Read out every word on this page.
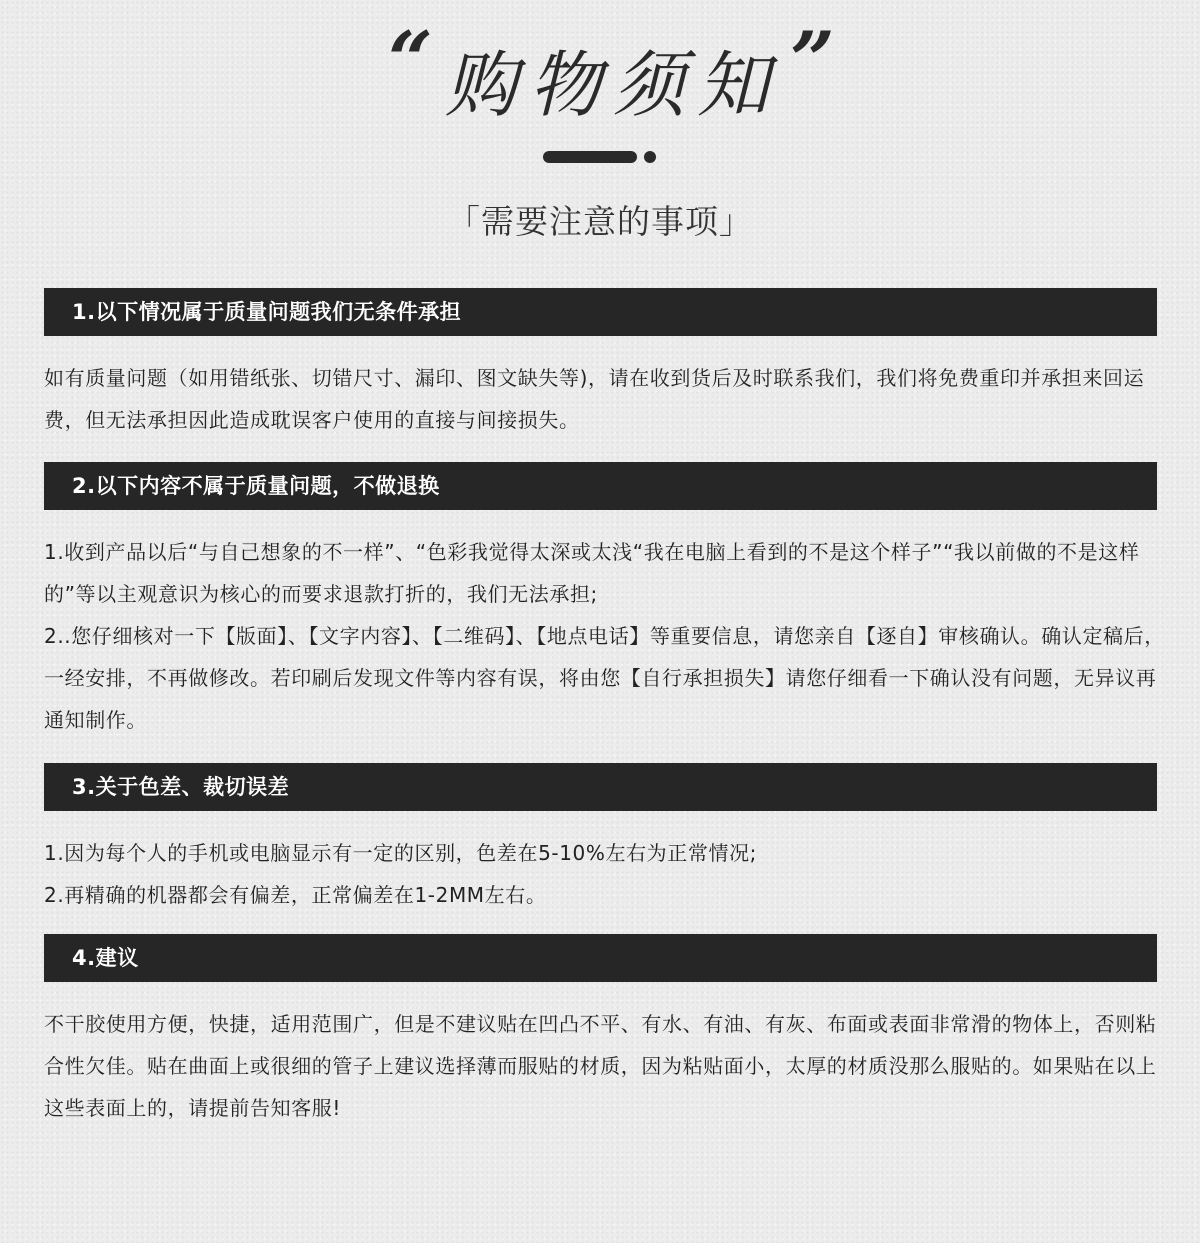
“ 购物须知 ”
「需要注意的事项」
1.以下情况属于质量问题我们无条件承担

如有质量问题（如用错纸张、切错尺寸、漏印、图文缺失等)，请在收到货后及时联系我们，我们将免费重印并承担来回运费，但无法承担因此造成耽误客户使用的直接与间接损失。

2.以下内容不属于质量问题，不做退换

1.收到产品以后“与自己想象的不一样”、“色彩我觉得太深或太浅“我在电脑上看到的不是这个样子”“我以前做的不是这样的”等以主观意识为核心的而要求退款打折的，我们无法承担;

2..您仔细核对一下【版面】、【文字内容】、【二维码】、【地点电话】等重要信息，请您亲自【逐自】审核确认。确认定稿后，一经安排，不再做修改。若印刷后发现文件等内容有误，将由您【自行承担损失】请您仔细看一下确认没有问题，无异议再通知制作。

3.关于色差、裁切误差

1.因为每个人的手机或电脑显示有一定的区别，色差在5-10%左右为正常情况;

2.再精确的机器都会有偏差，正常偏差在1-2MM左右。

4.建议

不干胶使用方便，快捷，适用范围广，但是不建议贴在凹凸不平、有水、有油、有灰、布面或表面非常滑的物体上，否则粘合性欠佳。贴在曲面上或很细的管子上建议选择薄而服贴的材质，因为粘贴面小，太厚的材质没那么服贴的。如果贴在以上这些表面上的，请提前告知客服!
